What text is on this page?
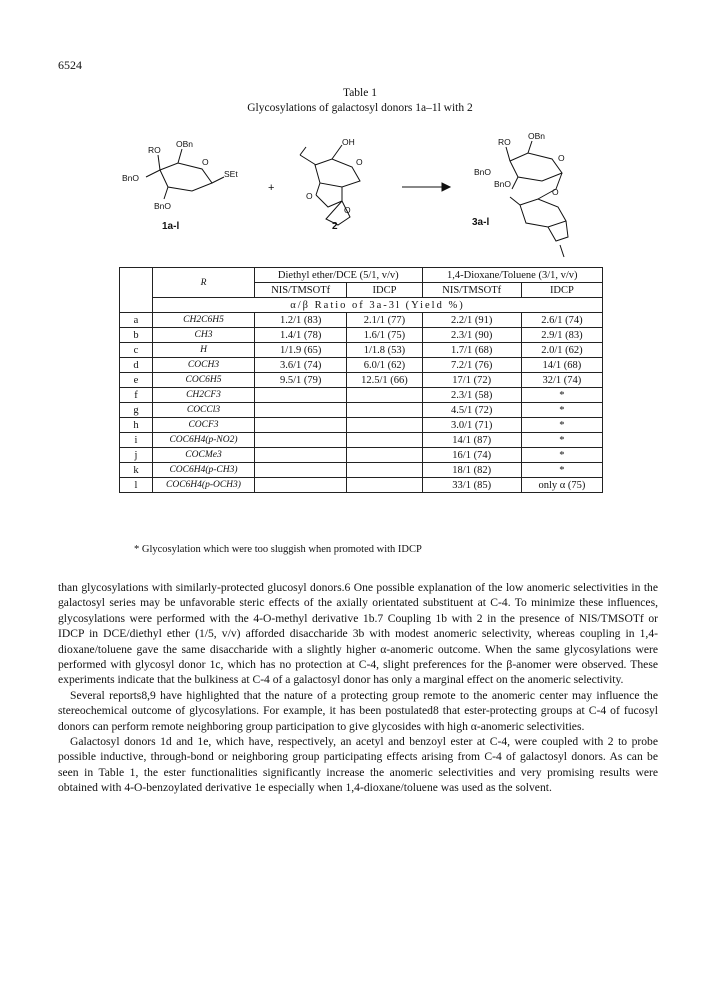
6524
Table 1
Glycosylations of galactosyl donors 1a–1l with 2
RO
OBn
BnO
BnO
SEt
O
OH
O
O
O
RO
OBn
BnO
BnO
O
O
1a-l	2	3a-l
+
	R	Diethyl ether/DCE (5/1, v/v)		1,4-Dioxane/Toluene (3/1, v/v)	
		NIS/TMSOTf	IDCP	NIS/TMSOTf	IDCP
	α/β Ratio of 3a-3l (Yield %)				
a	CH2C6H5	1.2/1 (83)	2.1/1 (77)	2.2/1 (91)	2.6/1 (74)
b	CH3	1.4/1 (78)	1.6/1 (75)	2.3/1 (90)	2.9/1 (83)
c	H	1/1.9 (65)	1/1.8 (53)	1.7/1 (68)	2.0/1 (62)
d	COCH3	3.6/1 (74)	6.0/1 (62)	7.2/1 (76)	14/1 (68)
e	COC6H5	9.5/1 (79)	12.5/1 (66)	17/1 (72)	32/1 (74)
f	CH2CF3			2.3/1 (58)	*
g	COCCl3			4.5/1 (72)	*
h	COCF3			3.0/1 (71)	*
i	COC6H4(p-NO2)			14/1 (87)	*
j	COCMe3			16/1 (74)	*
k	COC6H4(p-CH3)			18/1 (82)	*
l	COC6H4(p-OCH3)			33/1 (85)	only α (75)
* Glycosylation which were too sluggish when promoted with IDCP

than glycosylations with similarly-protected glucosyl donors.6 One possible explanation of the low anomeric selectivities in the galactosyl series may be unfavorable steric effects of the axially orientated substituent at C-4. To minimize these influences, glycosylations were performed with the 4-O-methyl derivative 1b.7 Coupling 1b with 2 in the presence of NIS/TMSOTf or IDCP in DCE/diethyl ether (1/5, v/v) afforded disaccharide 3b with modest anomeric selectivity, whereas coupling in 1,4-dioxane/toluene gave the same disaccharide with a slightly higher α-anomeric outcome. When the same glycosylations were performed with glycosyl donor 1c, which has no protection at C-4, slight preferences for the β-anomer were observed. These experiments indicate that the bulkiness at C-4 of a galactosyl donor has only a marginal effect on the anomeric selectivity.

Several reports8,9 have highlighted that the nature of a protecting group remote to the anomeric center may influence the stereochemical outcome of glycosylations. For example, it has been postulated8 that ester-protecting groups at C-4 of fucosyl donors can perform remote neighboring group participation to give glycosides with high α-anomeric selectivities.

Galactosyl donors 1d and 1e, which have, respectively, an acetyl and benzoyl ester at C-4, were coupled with 2 to probe possible inductive, through-bond or neighboring group participating effects arising from C-4 of galactosyl donors. As can be seen in Table 1, the ester functionalities significantly increase the anomeric selectivities and very promising results were obtained with 4-O-benzoylated derivative 1e especially when 1,4-dioxane/toluene was used as the solvent.
